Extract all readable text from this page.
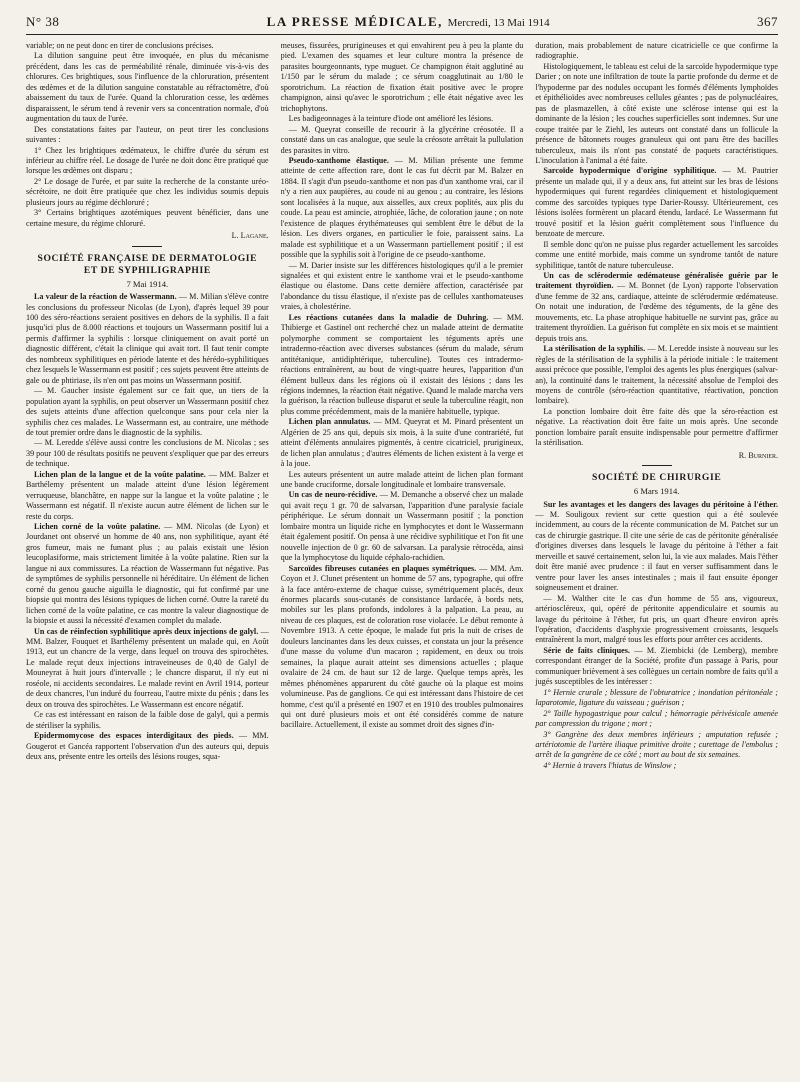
N° 38	LA PRESSE MÉDICALE, Mercredi, 13 Mai 1914	367

variable; on ne peut donc en tirer de conclusions précises.

La dilution sanguine peut être invoquée, en plus du mécanisme précédent, dans les cas de perméabilité rénale, diminuée vis-à-vis des chlorures. Ces brightiques, sous l'influence de la chloruration, présentent des œdèmes et de la dilution sanguine constatable au réfractomètre, d'où abaissement du taux de l'urée. Quand la chloruration cesse, les œdèmes disparaissent, le sérum tend à revenir vers sa concentration normale, d'où augmentation du taux de l'urée.

Des constatations faites par l'auteur, on peut tirer les conclusions suivantes :

1° Chez les brightiques œdémateux, le chiffre d'urée du sérum est inférieur au chiffre réel. Le dosage de l'urée ne doit donc être pratiqué que lorsque les œdèmes ont disparu ;

2° Le dosage de l'urée, et par suite la recherche de la constante uréo-sécrétoire, ne doit être pratiquée que chez les individus soumis depuis plusieurs jours au régime déchloruré ;

3° Certains brightiques azotémiques peuvent bénéficier, dans une certaine mesure, du régime chloruré.

L. Lagane.
SOCIÉTÉ FRANÇAISE DE DERMATOLOGIE
ET DE SYPHILIGRAPHIE
7 Mai 1914.

La valeur de la réaction de Wassermann. — M. Milian s'élève contre les conclusions du professeur Nicolas (de Lyon), d'après lequel 39 pour 100 des séro-réactions seraient positives en dehors de la syphilis. Il a fait jusqu'ici plus de 8.000 réactions et toujours un Wassermann positif lui a permis d'affirmer la syphilis : lorsque cliniquement on avait porté un diagnostic différent, c'était la clinique qui avait tort. Il faut tenir compte des nombreux syphilitiques en période latente et des hérédo-syphilitiques chez lesquels le Wassermann est positif ; ces sujets peuvent être atteints de gale ou de phtiriase, ils n'en ont pas moins un Wassermann positif.

— M. Gaucher insiste également sur ce fait que, un tiers de la population ayant la syphilis, on peut observer un Wassermann positif chez des sujets atteints d'une affection quelconque sans pour cela nier la syphilis chez ces malades. Le Wassermann est, au contraire, une méthode de tout premier ordre dans le diagnostic de la syphilis.

— M. Leredde s'élève aussi contre les conclusions de M. Nicolas ; ses 39 pour 100 de résultats positifs ne peuvent s'expliquer que par des erreurs de technique.

Lichen plan de la langue et de la voûte palatine. — MM. Balzer et Barthélemy présentent un malade atteint d'une lésion légèrement verruqueuse, blanchâtre, en nappe sur la langue et la voûte palatine ; le Wassermann est négatif. Il n'existe aucun autre élément de lichen sur le reste du corps.

Lichen corné de la voûte palatine. — MM. Nicolas (de Lyon) et Jourdanet ont observé un homme de 40 ans, non syphilitique, ayant été gros fumeur, mais ne fumant plus ; au palais existait une lésion leucoplasiforme, mais strictement limitée à la voûte palatine. Rien sur la langue ni aux commissures. La réaction de Wassermann fut négative. Pas de symptômes de syphilis personnelle ni héréditaire. Un élément de lichen corné du genou gauche aiguilla le diagnostic, qui fut confirmé par une biopsie qui montra des lésions typiques de lichen corné. Outre la rareté du lichen corné de la voûte palatine, ce cas montre la valeur diagnostique de la biopsie et aussi la nécessité d'examen complet du malade.

Un cas de réinfection syphilitique après deux injections de galyl. — MM. Balzer, Fouquet et Barthélemy présentent un malade qui, en Août 1913, eut un chancre de la verge, dans lequel on trouva des spirochètes. Le malade reçut deux injections intraveineuses de 0,40 de Galyl de Mouneyrat à huit jours d'intervalle ; le chancre disparut, il n'y eut ni roséole, ni accidents secondaires. Le malade revint en Avril 1914, porteur de deux chancres, l'un induré du fourreau, l'autre mixte du pénis ; dans les deux on trouva des spirochètes. Le Wassermann est encore négatif.

Ce cas est intéressant en raison de la faible dose de galyl, qui a permis de stériliser la syphilis.

Epidermomycose des espaces interdigitaux des pieds. — MM. Gougerot et Gancéa rapportent l'observation d'un des auteurs qui, depuis deux ans, présente entre les orteils des lésions rouges, squa-

meuses, fissurées, prurigineuses et qui envahirent peu à peu la plante du pied. L'examen des squames et leur culture montra la présence de parasites bourgeonnants, type muguet. Ce champignon était agglutiné au 1/150 par le sérum du malade ; ce sérum coagglutinait au 1/80 le sporotrichum. La réaction de fixation était positive avec le propre champignon, ainsi qu'avec le sporotrichum ; elle était négative avec les trichophytons.

Les badigeonnages à la teinture d'iode ont amélioré les lésions.

— M. Queyrat conseille de recourir à la glycérine créosotée. Il a constaté dans un cas analogue, que seule la créosote arrêtait la pullulation des parasites in vitro.

Pseudo-xanthome élastique. — M. Milian présente une femme atteinte de cette affection rare, dont le cas fut décrit par M. Balzer en 1884. Il s'agit d'un pseudo-xanthome et non pas d'un xanthome vrai, car il n'y a rien aux paupières, au coude ni au genou ; au contraire, les lésions sont localisées à la nuque, aux aisselles, aux creux poplités, aux plis du coude. La peau est amincie, atrophiée, lâche, de coloration jaune ; on note l'existence de plaques érythémateuses qui semblent être le début de la lésion. Les divers organes, en particulier le foie, paraissent sains. La malade est syphilitique et a un Wassermann partiellement positif ; il est possible que la syphilis soit à l'origine de ce pseudo-xanthome.

— M. Darier insiste sur les différences histologiques qu'il a le premier signalées et qui existent entre le xanthome vrai et le pseudo-xanthome élastique ou élastome. Dans cette dernière affection, caractérisée par l'abondance du tissu élastique, il n'existe pas de cellules xanthomateuses vraies, à cholestérine.

Les réactions cutanées dans la maladie de Duhring. — MM. Thibierge et Gastinel ont recherché chez un malade atteint de dermatite polymorphe comment se comportaient les téguments après une intradermo-réaction avec diverses substances (sérum du malade, sérum antitétanique, antidiphtérique, tuberculine). Toutes ces intradermo-réactions entraînèrent, au bout de vingt-quatre heures, l'apparition d'un élément bulleux dans les régions où il existait des lésions ; dans les régions indemnes, la réaction était négative. Quand le malade marcha vers la guérison, la réaction bulleuse disparut et seule la tuberculine réagit, non plus comme précédemment, mais de la manière habituelle, typique.

Lichen plan annulatus. — MM. Queyrat et M. Pinard présentent un Algérien de 25 ans qui, depuis six mois, à la suite d'une contrariété, fut atteint d'éléments annulaires pigmentés, à centre cicatriciel, prurigineux, de lichen plan annulatus ; d'autres éléments de lichen existent à la verge et à la joue.

Les auteurs présentent un autre malade atteint de lichen plan formant une bande cruciforme, dorsale longitudinale et lombaire transversale.

Un cas de neuro-récidive. — M. Demanche a observé chez un malade qui avait reçu 1 gr. 70 de salvarsan, l'apparition d'une paralysie faciale périphérique. Le sérum donnait un Wassermann positif ; la ponction lombaire montra un liquide riche en lymphocytes et dont le Wassermann était également positif. On pensa à une récidive syphilitique et l'on fit une nouvelle injection de 0 gr. 60 de salvarsan. La paralysie rétrocéda, ainsi que la lymphocytose du liquide céphalo-rachidien.

Sarcoïdes fibreuses cutanées en plaques symétriques. — MM. Am. Coyon et J. Clunet présentent un homme de 57 ans, typographe, qui offre à la face antéro-externe de chaque cuisse, symétriquement placés, deux énormes placards sous-cutanés de consistance lardacée, à bords nets, mobiles sur les plans profonds, indolores à la palpation. La peau, au niveau de ces plaques, est de coloration rose violacée. Le début remonte à Novembre 1913. A cette époque, le malade fut pris la nuit de crises de douleurs lancinantes dans les deux cuisses, et constata un jour la présence d'une masse du volume d'un macaron ; rapidement, en deux ou trois semaines, la plaque aurait atteint ses dimensions actuelles ; plaque ovalaire de 24 cm. de haut sur 12 de large. Quelque temps après, les mêmes phénomènes apparurent du côté gauche où la plaque est moins volumineuse. Pas de ganglions. Ce qui est intéressant dans l'histoire de cet homme, c'est qu'il a présenté en 1907 et en 1910 des troubles pulmonaires qui ont duré plusieurs mois et ont été considérés comme de nature bacillaire. Actuellement, il existe au sommet droit des signes d'in-

duration, mais probablement de nature cicatricielle ce que confirme la radiographie.

Histologiquement, le tableau est celui de la sarcoïde hypodermique type Darier ; on note une infiltration de toute la partie profonde du derme et de l'hypoderme par des nodules occupant les formés d'éléments lymphoïdes et épithélioïdes avec nombreuses cellules géantes ; pas de polynucléaires, pas de plasmazellen, à côté existe une sclérose intense qui est la dominante de la lésion ; les couches superficielles sont indemnes. Sur une coupe traitée par le Ziehl, les auteurs ont constaté dans un follicule la présence de bâtonnets rouges granuleux qui ont paru être des bacilles tuberculeux, mais ils n'ont pas constaté de paquets caractéristiques. L'inoculation à l'animal a été faite.

Sarcoïde hypodermique d'origine syphilitique. — M. Pautrier présente un malade qui, il y a deux ans, fut atteint sur les bras de lésions hypodermiques qui furent regardées cliniquement et histologiquement comme des sarcoïdes typiques type Darier-Roussy. Ultérieurement, ces lésions isolées formèrent un placard étendu, lardacé. Le Wassermann fut trouvé positif et la lésion guérit complètement sous l'influence du benzoate de mercure.

Il semble donc qu'on ne puisse plus regarder actuellement les sarcoïdes comme une entité morbide, mais comme un syndrome tantôt de nature syphilitique, tantôt de nature tuberculeuse.

Un cas de sclérodermie œdémateuse généralisée guérie par le traitement thyroïdien. — M. Bonnet (de Lyon) rapporte l'observation d'une femme de 32 ans, cardiaque, atteinte de sclérodermie œdémateuse. On notait une induration, de l'œdème des téguments, de la gêne des mouvements, etc. La phase atrophique habituelle ne survint pas, grâce au traitement thyroïdien. La guérison fut complète en six mois et se maintient depuis trois ans.

La stérilisation de la syphilis. — M. Leredde insiste à nouveau sur les règles de la stérilisation de la syphilis à la période initiale : le traitement aussi précoce que possible, l'emploi des agents les plus énergiques (salvar-an), la continuité dans le traitement, la nécessité absolue de l'emploi des moyens de contrôle (séro-réaction quantitative, réactivation, ponction lombaire).

La ponction lombaire doit être faite dès que la séro-réaction est négative. La réactivation doit être faite un mois après. Une seconde ponction lombaire paraît ensuite indispensable pour permettre d'affirmer la stérilisation.

R. Burnier.
SOCIÉTÉ DE CHIRURGIE
6 Mars 1914.

Sur les avantages et les dangers des lavages du péritoine à l'éther. — M. Souligoux revient sur cette question qui a été soulevée incidemment, au cours de la récente communication de M. Patchet sur un cas de chirurgie gastrique. Il cite une série de cas de péritonite généralisée d'origines diverses dans lesquels le lavage du péritoine à l'éther a fait merveille et sauvé certainement, selon lui, la vie aux malades. Mais l'éther doit être manié avec prudence : il faut en verser suffisamment dans le ventre pour laver les anses intestinales ; mais il faut ensuite éponger soigneusement et drainer.

— M. Walther cite le cas d'un homme de 55 ans, vigoureux, artérioscléreux, qui, opéré de péritonite appendiculaire et soumis au lavage du péritoine à l'éther, fut pris, un quart d'heure environ après l'opération, d'accidents d'asphyxie progressivement croissants, lesquels entraînèrent la mort, malgré tous les efforts pour arrêter ces accidents.

Série de faits cliniques. — M. Ziembicki (de Lemberg), membre correspondant étranger de la Société, profite d'un passage à Paris, pour communiquer brièvement à ses collègues un certain nombre de faits qu'il a jugés susceptibles de les intéresser :

1° Hernie crurale ; blessure de l'obturatrice ; inondation péritonéale ; laparotomie, ligature du vaisseau ; guérison ;

2° Taille hypogastrique pour calcul ; hémorragie périvésicale amenée par compression du trigone ; mort ;

3° Gangrène des deux membres inférieurs ; amputation refusée ; artériotomie de l'artère iliaque primitive droite ; curettage de l'embolus ; arrêt de la gangrène de ce côté ; mort au bout de six semaines.

4° Hernie à travers l'hiatus de Winslow ;
